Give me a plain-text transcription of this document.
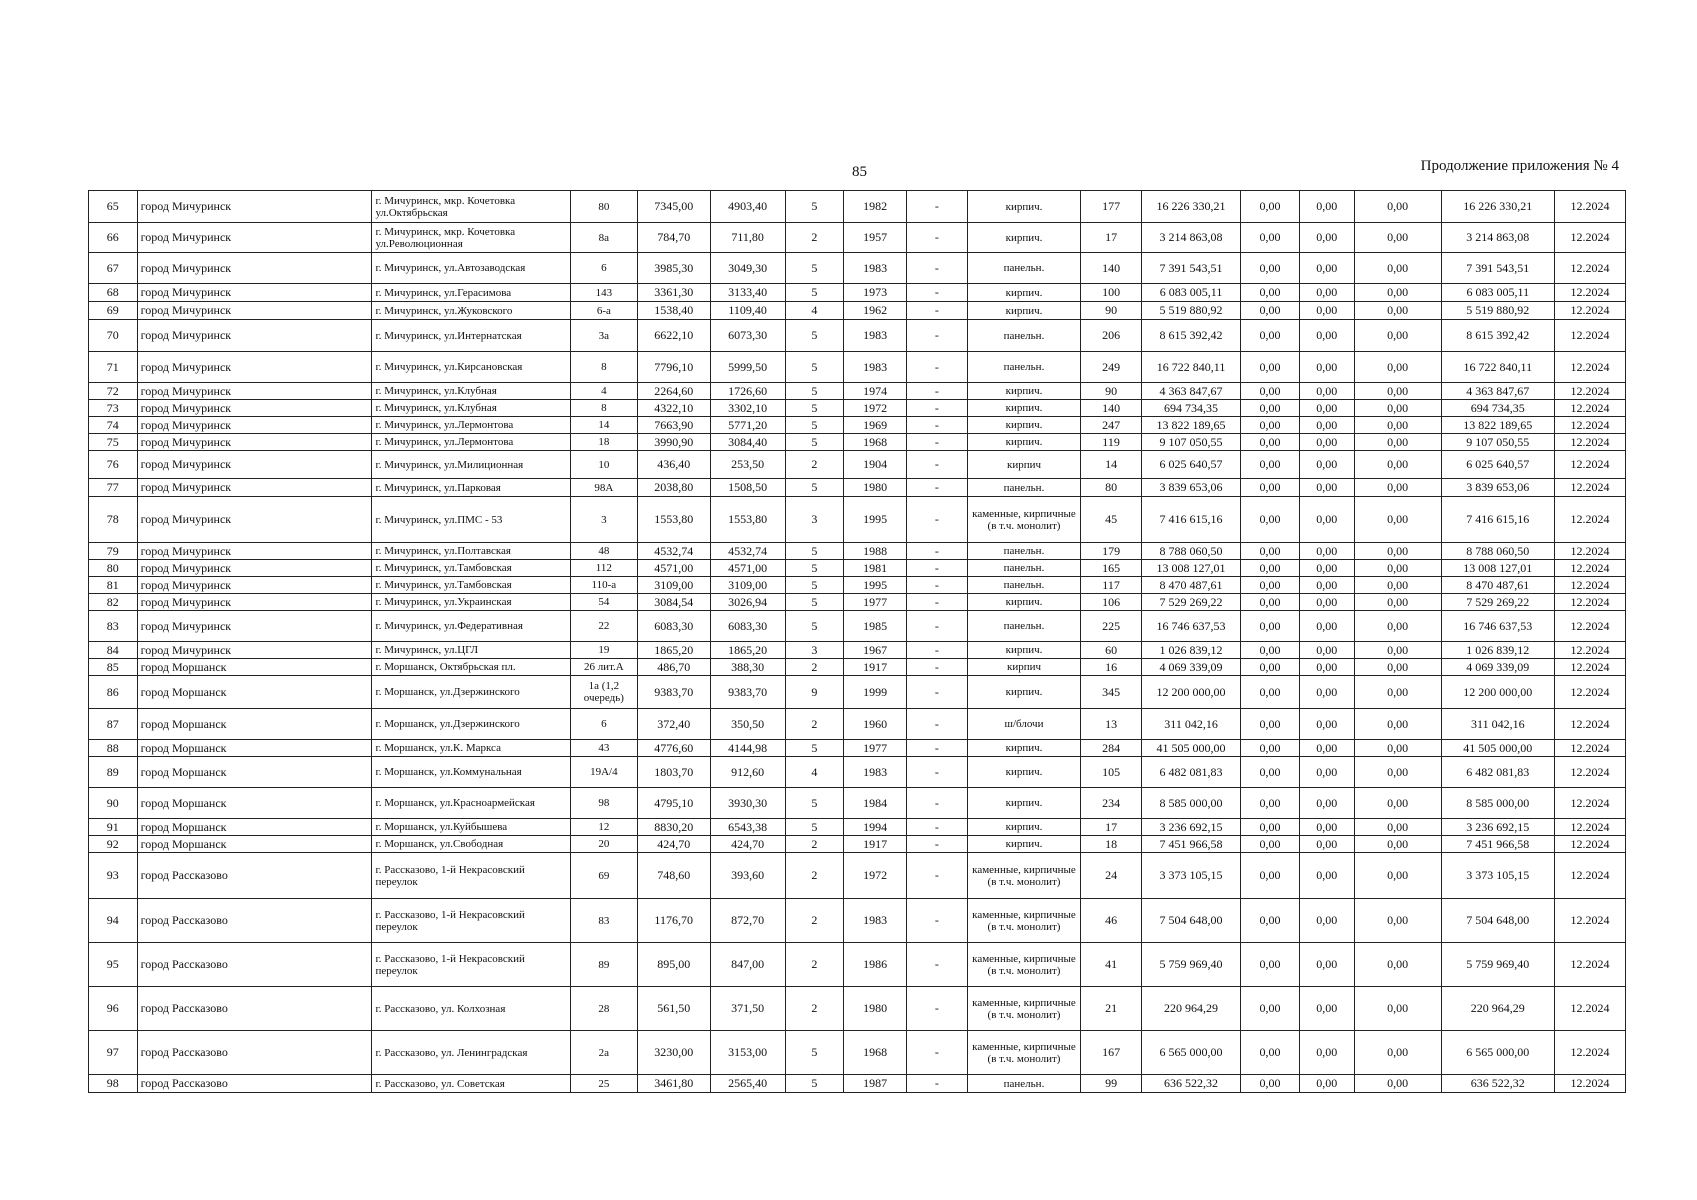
85	Продолжение приложения № 4
65	город Мичуринск	г. Мичуринск, мкр. Кочетовка ул.Октябрьская	80	7345,00	4903,40	5	1982	-	кирпич.	177	16 226 330,21	0,00	0,00	0,00	16 226 330,21	12.2024
66	город Мичуринск	г. Мичуринск, мкр. Кочетовка ул.Революционная	8а	784,70	711,80	2	1957	-	кирпич.	17	3 214 863,08	0,00	0,00	0,00	3 214 863,08	12.2024
67	город Мичуринск	г. Мичуринск, ул.Автозаводская	6	3985,30	3049,30	5	1983	-	панельн.	140	7 391 543,51	0,00	0,00	0,00	7 391 543,51	12.2024
68	город Мичуринск	г. Мичуринск, ул.Герасимова	143	3361,30	3133,40	5	1973	-	кирпич.	100	6 083 005,11	0,00	0,00	0,00	6 083 005,11	12.2024
69	город Мичуринск	г. Мичуринск, ул.Жуковского	6-а	1538,40	1109,40	4	1962	-	кирпич.	90	5 519 880,92	0,00	0,00	0,00	5 519 880,92	12.2024
70	город Мичуринск	г. Мичуринск, ул.Интернатская	3а	6622,10	6073,30	5	1983	-	панельн.	206	8 615 392,42	0,00	0,00	0,00	8 615 392,42	12.2024
71	город Мичуринск	г. Мичуринск, ул.Кирсановская	8	7796,10	5999,50	5	1983	-	панельн.	249	16 722 840,11	0,00	0,00	0,00	16 722 840,11	12.2024
72	город Мичуринск	г. Мичуринск, ул.Клубная	4	2264,60	1726,60	5	1974	-	кирпич.	90	4 363 847,67	0,00	0,00	0,00	4 363 847,67	12.2024
73	город Мичуринск	г. Мичуринск, ул.Клубная	8	4322,10	3302,10	5	1972	-	кирпич.	140	694 734,35	0,00	0,00	0,00	694 734,35	12.2024
74	город Мичуринск	г. Мичуринск, ул.Лермонтова	14	7663,90	5771,20	5	1969	-	кирпич.	247	13 822 189,65	0,00	0,00	0,00	13 822 189,65	12.2024
75	город Мичуринск	г. Мичуринск, ул.Лермонтова	18	3990,90	3084,40	5	1968	-	кирпич.	119	9 107 050,55	0,00	0,00	0,00	9 107 050,55	12.2024
76	город Мичуринск	г. Мичуринск, ул.Милиционная	10	436,40	253,50	2	1904	-	кирпич	14	6 025 640,57	0,00	0,00	0,00	6 025 640,57	12.2024
77	город Мичуринск	г. Мичуринск, ул.Парковая	98А	2038,80	1508,50	5	1980	-	панельн.	80	3 839 653,06	0,00	0,00	0,00	3 839 653,06	12.2024
78	город Мичуринск	г. Мичуринск, ул.ПМС - 53	3	1553,80	1553,80	3	1995	-	каменные, кирпичные (в т.ч. монолит)	45	7 416 615,16	0,00	0,00	0,00	7 416 615,16	12.2024
79	город Мичуринск	г. Мичуринск, ул.Полтавская	48	4532,74	4532,74	5	1988	-	панельн.	179	8 788 060,50	0,00	0,00	0,00	8 788 060,50	12.2024
80	город Мичуринск	г. Мичуринск, ул.Тамбовская	112	4571,00	4571,00	5	1981	-	панельн.	165	13 008 127,01	0,00	0,00	0,00	13 008 127,01	12.2024
81	город Мичуринск	г. Мичуринск, ул.Тамбовская	110-а	3109,00	3109,00	5	1995	-	панельн.	117	8 470 487,61	0,00	0,00	0,00	8 470 487,61	12.2024
82	город Мичуринск	г. Мичуринск, ул.Украинская	54	3084,54	3026,94	5	1977	-	кирпич.	106	7 529 269,22	0,00	0,00	0,00	7 529 269,22	12.2024
83	город Мичуринск	г. Мичуринск, ул.Федеративная	22	6083,30	6083,30	5	1985	-	панельн.	225	16 746 637,53	0,00	0,00	0,00	16 746 637,53	12.2024
84	город Мичуринск	г. Мичуринск, ул.ЦГЛ	19	1865,20	1865,20	3	1967	-	кирпич.	60	1 026 839,12	0,00	0,00	0,00	1 026 839,12	12.2024
85	город Моршанск	г. Моршанск, Октябрьская пл.	26 лит.А	486,70	388,30	2	1917	-	кирпич	16	4 069 339,09	0,00	0,00	0,00	4 069 339,09	12.2024
86	город Моршанск	г. Моршанск, ул.Дзержинского	1а (1,2 очередь)	9383,70	9383,70	9	1999	-	кирпич.	345	12 200 000,00	0,00	0,00	0,00	12 200 000,00	12.2024
87	город Моршанск	г. Моршанск, ул.Дзержинского	6	372,40	350,50	2	1960	-	ш/блочи	13	311 042,16	0,00	0,00	0,00	311 042,16	12.2024
88	город Моршанск	г. Моршанск, ул.К. Маркса	43	4776,60	4144,98	5	1977	-	кирпич.	284	41 505 000,00	0,00	0,00	0,00	41 505 000,00	12.2024
89	город Моршанск	г. Моршанск, ул.Коммунальная	19А/4	1803,70	912,60	4	1983	-	кирпич.	105	6 482 081,83	0,00	0,00	0,00	6 482 081,83	12.2024
90	город Моршанск	г. Моршанск, ул.Красноармейская	98	4795,10	3930,30	5	1984	-	кирпич.	234	8 585 000,00	0,00	0,00	0,00	8 585 000,00	12.2024
91	город Моршанск	г. Моршанск, ул.Куйбышева	12	8830,20	6543,38	5	1994	-	кирпич.	17	3 236 692,15	0,00	0,00	0,00	3 236 692,15	12.2024
92	город Моршанск	г. Моршанск, ул.Свободная	20	424,70	424,70	2	1917	-	кирпич.	18	7 451 966,58	0,00	0,00	0,00	7 451 966,58	12.2024
93	город Рассказово	г. Рассказово, 1-й Некрасовский переулок	69	748,60	393,60	2	1972	-	каменные, кирпичные (в т.ч. монолит)	24	3 373 105,15	0,00	0,00	0,00	3 373 105,15	12.2024
94	город Рассказово	г. Рассказово, 1-й Некрасовский переулок	83	1176,70	872,70	2	1983	-	каменные, кирпичные (в т.ч. монолит)	46	7 504 648,00	0,00	0,00	0,00	7 504 648,00	12.2024
95	город Рассказово	г. Рассказово, 1-й Некрасовский переулок	89	895,00	847,00	2	1986	-	каменные, кирпичные (в т.ч. монолит)	41	5 759 969,40	0,00	0,00	0,00	5 759 969,40	12.2024
96	город Рассказово	г. Рассказово, ул. Колхозная	28	561,50	371,50	2	1980	-	каменные, кирпичные (в т.ч. монолит)	21	220 964,29	0,00	0,00	0,00	220 964,29	12.2024
97	город Рассказово	г. Рассказово, ул. Ленинградская	2а	3230,00	3153,00	5	1968	-	каменные, кирпичные (в т.ч. монолит)	167	6 565 000,00	0,00	0,00	0,00	6 565 000,00	12.2024
98	город Рассказово	г. Рассказово, ул. Советская	25	3461,80	2565,40	5	1987	-	панельн.	99	636 522,32	0,00	0,00	0,00	636 522,32	12.2024
